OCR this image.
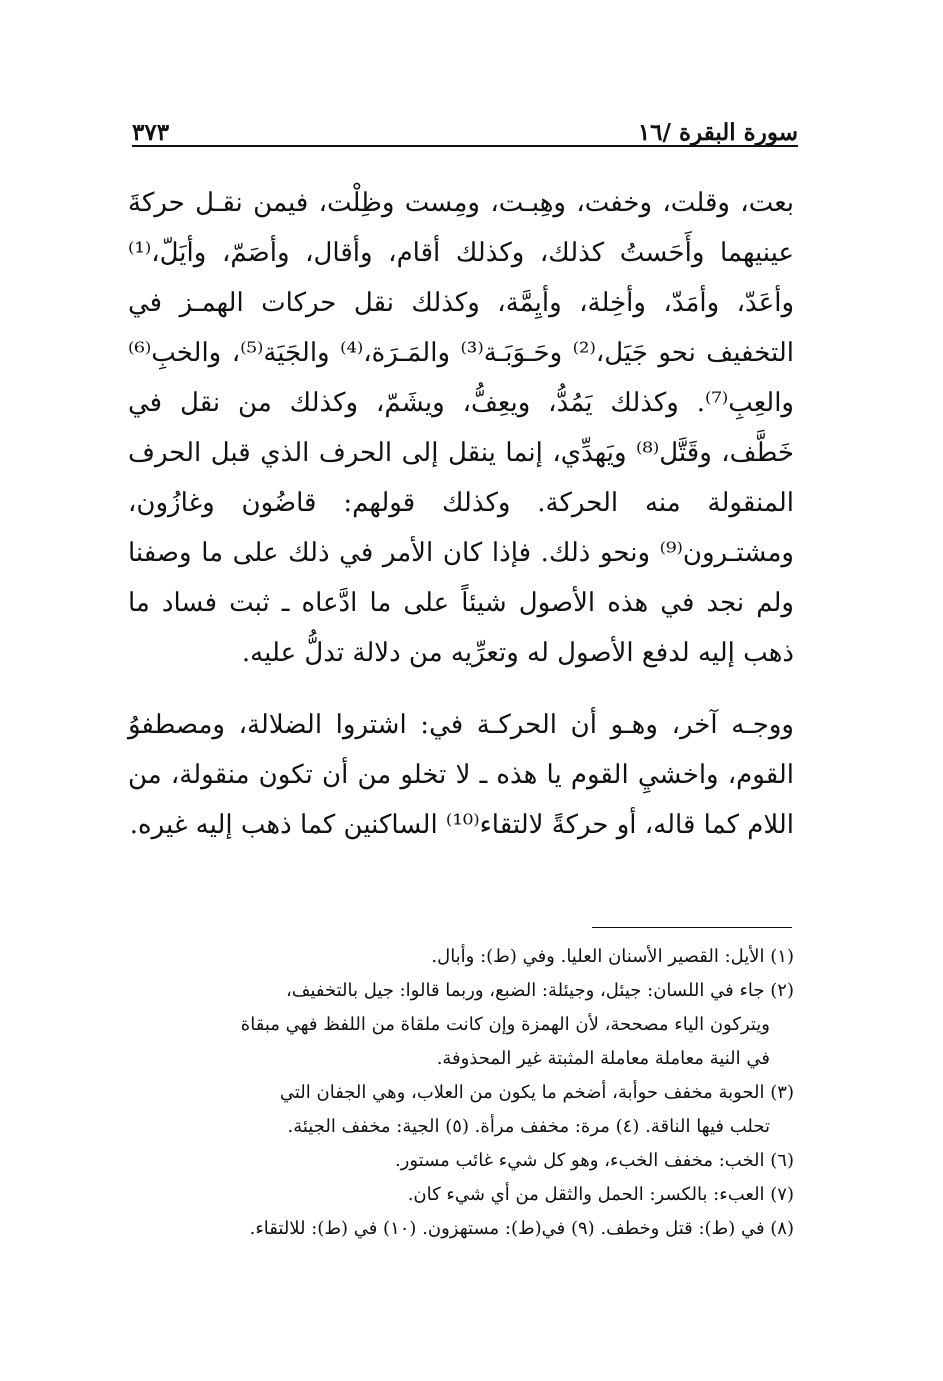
سورة البقرة /١٦
٣٧٣

بعت، وقلت، وخفت، وهِبـت، ومِست وظِلْت، فيمن نقـل حركةَ عينيهما وأَحَستُ كذلك، وكذلك أقام، وأقال، وأصَمّ، وأيَلّ،⁽¹⁾ وأعَدّ، وأمَدّ، وأخِلة، وأيِمَّة، وكذلك نقل حركات الهمـز في التخفيف نحو جَيَل،⁽²⁾ وحَـوَبَـة⁽³⁾ والمَـرَة،⁽⁴⁾ والجَيَة⁽⁵⁾، والخبِ⁽⁶⁾ والعِبِ⁽⁷⁾. وكذلك يَمُدُّ، ويعِفُّ، ويشَمّ، وكذلك من نقل في خَطَّف، وقَتَّل⁽⁸⁾ ويَهدِّي، إنما ينقل إلى الحرف الذي قبل الحرف المنقولة منه الحركة. وكذلك قولهم: قاضُون وغازُون، ومشتـرون⁽⁹⁾ ونحو ذلك. فإذا كان الأمر في ذلك على ما وصفنا ولم نجد في هذه الأصول شيئاً على ما ادَّعاه ـ ثبت فساد ما ذهب إليه لدفع الأصول له وتعرِّيه من دلالة تدلُّ عليه.

ووجـه آخر، وهـو أن الحركـة في: اشتروا الضلالة، ومصطفوُ القوم، واخشيِ القوم يا هذه ـ لا تخلو من أن تكون منقولة، من اللام كما قاله، أو حركةً لالتقاء⁽¹⁰⁾ الساكنين كما ذهب إليه غيره.

(١) الأيل: القصير الأسنان العليا. وفي (ط): وأبال.

(٢) جاء في اللسان: جيئل، وجيئلة: الضبع، وربما قالوا: جيل بالتخفيف،

ويتركون الياء مصححة، لأن الهمزة وإن كانت ملقاة من اللفظ فهي مبقاة

في النية معاملة معاملة المثبتة غير المحذوفة.

(٣) الحوبة مخفف حوأبة، أضخم ما يكون من العلاب، وهي الجفان التي

تحلب فيها الناقة. (٤) مرة: مخفف مرأة. (٥) الجية: مخفف الجيئة.

(٦) الخب: مخفف الخبء، وهو كل شيء غائب مستور.

(٧) العبء: بالكسر: الحمل والثقل من أي شيء كان.

(٨) في (ط): قتل وخطف. (٩) في(ط): مستهزون. (١٠) في (ط): للالتقاء.
